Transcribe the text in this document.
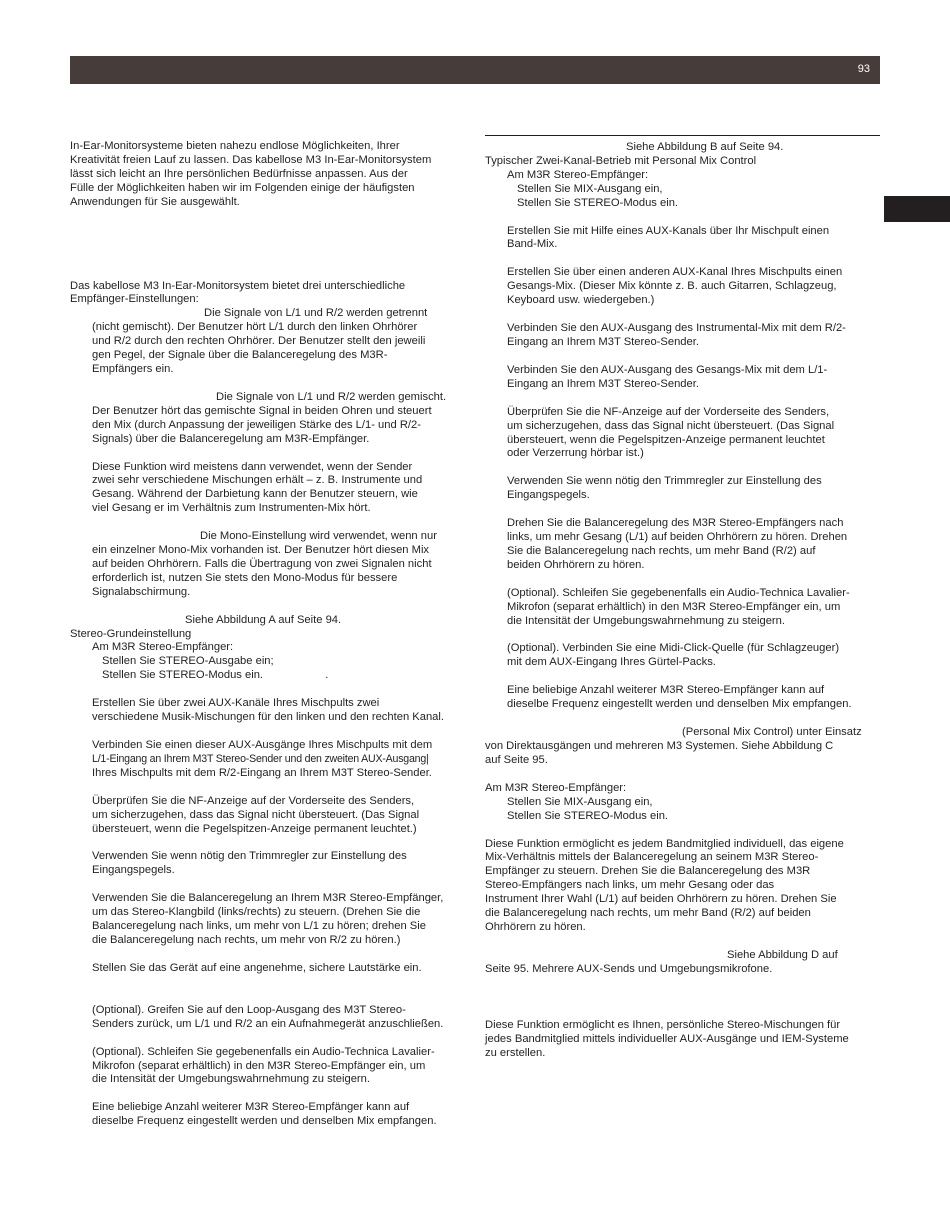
93

In-Ear-Monitorsysteme bieten nahezu endlose Möglichkeiten, Ihrer

Kreativität freien Lauf zu lassen. Das kabellose M3 In-Ear-Monitorsystem

lässt sich leicht an Ihre persönlichen Bedürfnisse anpassen. Aus der

Fülle der Möglichkeiten haben wir im Folgenden einige der häufigsten

Anwendungen für Sie ausgewählt.

Das kabellose M3 In-Ear-Monitorsystem bietet drei unterschiedliche

Empfänger-Einstellungen:

Die Signale von L/1 und R/2 werden getrennt

(nicht gemischt). Der Benutzer hört L/1 durch den linken Ohrhörer

und R/2 durch den rechten Ohrhörer. Der Benutzer stellt den jeweili

gen Pegel, der Signale über die Balanceregelung des M3R-

Empfängers ein.

Die Signale von L/1 und R/2 werden gemischt.

Der Benutzer hört das gemischte Signal in beiden Ohren und steuert

den Mix (durch Anpassung der jeweiligen Stärke des L/1- und R/2-

Signals) über die Balanceregelung am M3R-Empfänger.

Diese Funktion wird meistens dann verwendet, wenn der Sender

zwei sehr verschiedene Mischungen erhält – z. B. Instrumente und

Gesang. Während der Darbietung kann der Benutzer steuern, wie

viel Gesang er im Verhältnis zum Instrumenten-Mix hört.

Die Mono-Einstellung wird verwendet, wenn nur

ein einzelner Mono-Mix vorhanden ist. Der Benutzer hört diesen Mix

auf beiden Ohrhörern. Falls die Übertragung von zwei Signalen nicht

erforderlich ist, nutzen Sie stets den Mono-Modus für bessere

Signalabschirmung.

Siehe Abbildung A auf Seite 94.

Stereo-Grundeinstellung

Am M3R Stereo-Empfänger:

Stellen Sie STEREO-Ausgabe ein;

Stellen Sie STEREO-Modus ein.                    .

Erstellen Sie über zwei AUX-Kanäle Ihres Mischpults zwei

verschiedene Musik-Mischungen für den linken und den rechten Kanal.

Verbinden Sie einen dieser AUX-Ausgänge Ihres Mischpults mit dem

L/1-Eingang an Ihrem M3T Stereo-Sender und den zweiten AUX-Ausgang|

Ihres Mischpults mit dem R/2-Eingang an Ihrem M3T Stereo-Sender.

Überprüfen Sie die NF-Anzeige auf der Vorderseite des Senders,

um sicherzugehen, dass das Signal nicht übersteuert. (Das Signal

übersteuert, wenn die Pegelspitzen-Anzeige permanent leuchtet.)

Verwenden Sie wenn nötig den Trimmregler zur Einstellung des

Eingangspegels.

Verwenden Sie die Balanceregelung an Ihrem M3R Stereo-Empfänger,

um das Stereo-Klangbild (links/rechts) zu steuern. (Drehen Sie die

Balanceregelung nach links, um mehr von L/1 zu hören; drehen Sie

die Balanceregelung nach rechts, um mehr von R/2 zu hören.)

Stellen Sie das Gerät auf eine angenehme, sichere Lautstärke ein.

(Optional). Greifen Sie auf den Loop-Ausgang des M3T Stereo-

Senders zurück, um L/1 und R/2 an ein Aufnahmegerät anzuschließen.

(Optional). Schleifen Sie gegebenenfalls ein Audio-Technica Lavalier-

Mikrofon (separat erhältlich) in den M3R Stereo-Empfänger ein, um

die Intensität der Umgebungswahrnehmung zu steigern.

Eine beliebige Anzahl weiterer M3R Stereo-Empfänger kann auf

dieselbe Frequenz eingestellt werden und denselben Mix empfangen.

Siehe Abbildung B auf Seite 94.

Typischer Zwei-Kanal-Betrieb mit Personal Mix Control

Am M3R Stereo-Empfänger:

Stellen Sie MIX-Ausgang ein,

Stellen Sie STEREO-Modus ein.

Erstellen Sie mit Hilfe eines AUX-Kanals über Ihr Mischpult einen

Band-Mix.

Erstellen Sie über einen anderen AUX-Kanal Ihres Mischpults einen

Gesangs-Mix. (Dieser Mix könnte z. B. auch Gitarren, Schlagzeug,

Keyboard usw. wiedergeben.)

Verbinden Sie den AUX-Ausgang des Instrumental-Mix mit dem R/2-

Eingang an Ihrem M3T Stereo-Sender.

Verbinden Sie den AUX-Ausgang des Gesangs-Mix mit dem L/1-

Eingang an Ihrem M3T Stereo-Sender.

Überprüfen Sie die NF-Anzeige auf der Vorderseite des Senders,

um sicherzugehen, dass das Signal nicht übersteuert. (Das Signal

übersteuert, wenn die Pegelspitzen-Anzeige permanent leuchtet

oder Verzerrung hörbar ist.)

Verwenden Sie wenn nötig den Trimmregler zur Einstellung des

Eingangspegels.

Drehen Sie die Balanceregelung des M3R Stereo-Empfängers nach

links, um mehr Gesang (L/1) auf beiden Ohrhörern zu hören. Drehen

Sie die Balanceregelung nach rechts, um mehr Band (R/2) auf

beiden Ohrhörern zu hören.

(Optional). Schleifen Sie gegebenenfalls ein Audio-Technica Lavalier-

Mikrofon (separat erhältlich) in den M3R Stereo-Empfänger ein, um

die Intensität der Umgebungswahrnehmung zu steigern.

(Optional). Verbinden Sie eine Midi-Click-Quelle (für Schlagzeuger)

mit dem AUX-Eingang Ihres Gürtel-Packs.

Eine beliebige Anzahl weiterer M3R Stereo-Empfänger kann auf

dieselbe Frequenz eingestellt werden und denselben Mix empfangen.

(Personal Mix Control) unter Einsatz

von Direktausgängen und mehreren M3 Systemen. Siehe Abbildung C

auf Seite 95.

Am M3R Stereo-Empfänger:

Stellen Sie MIX-Ausgang ein,

Stellen Sie STEREO-Modus ein.

Diese Funktion ermöglicht es jedem Bandmitglied individuell, das eigene

Mix-Verhältnis mittels der Balanceregelung an seinem M3R Stereo-

Empfänger zu steuern. Drehen Sie die Balanceregelung des M3R

Stereo-Empfängers nach links, um mehr Gesang oder das

Instrument Ihrer Wahl (L/1) auf beiden Ohrhörern zu hören. Drehen Sie

die Balanceregelung nach rechts, um mehr Band (R/2) auf beiden

Ohrhörern zu hören.

Siehe Abbildung D auf

Seite 95. Mehrere AUX-Sends und Umgebungsmikrofone.

Diese Funktion ermöglicht es Ihnen, persönliche Stereo-Mischungen für

jedes Bandmitglied mittels individueller AUX-Ausgänge und IEM-Systeme

zu erstellen.
